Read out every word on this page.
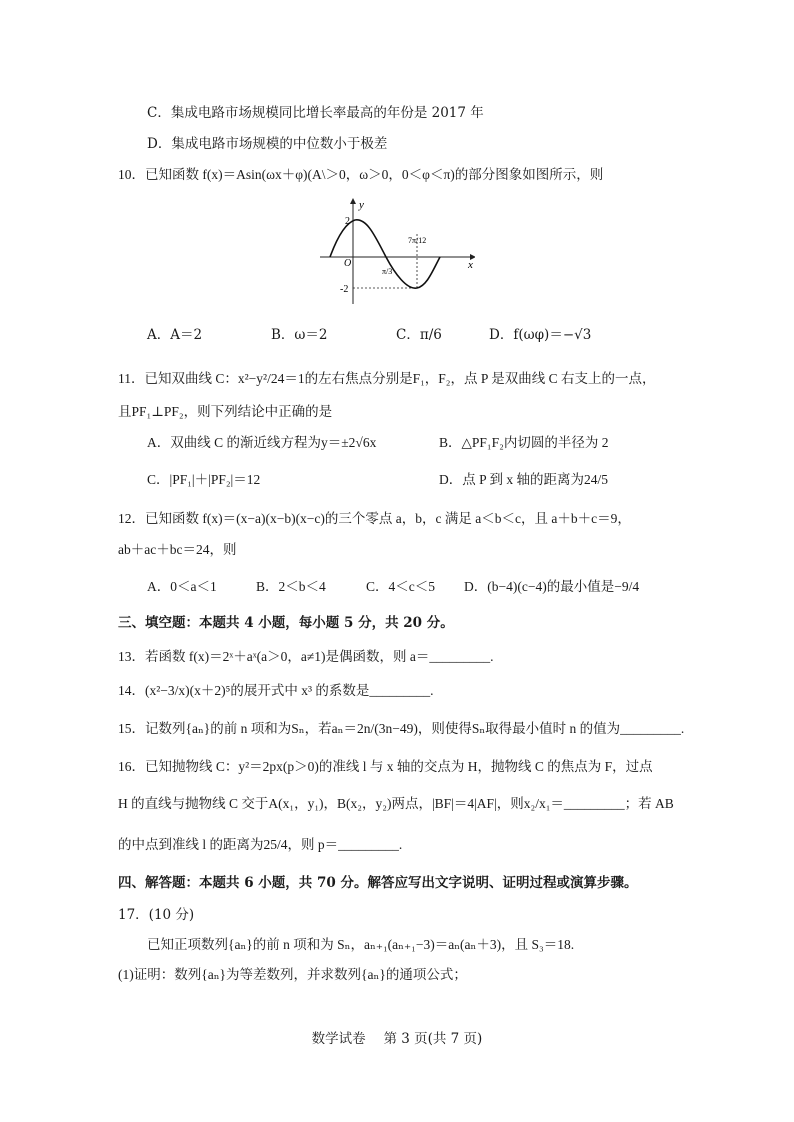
C．集成电路市场规模同比增长率最高的年份是 2017 年
D．集成电路市场规模的中位数小于极差
10．已知函数 f(x)＝Asin(ωx＋φ)(A\＞0，ω＞0，0＜φ＜π)的部分图象如图所示，则
y
x
O
2
-2
π/3
7π/12
A．A＝2	B．ω＝2	C．π/6	D．f(ωφ)＝−√3
11．已知双曲线 C：x²−y²/24＝1的左右焦点分别是F₁，F₂，点 P 是双曲线 C 右支上的一点，
且PF₁⊥PF₂，则下列结论中正确的是
A．双曲线 C 的渐近线方程为y＝±2√6x	B．△PF₁F₂内切圆的半径为 2
C．|PF₁|＋|PF₂|＝12	D．点 P 到 x 轴的距离为24/5
12．已知函数 f(x)＝(x−a)(x−b)(x−c)的三个零点 a，b，c 满足 a＜b＜c，且 a＋b＋c＝9，
ab＋ac＋bc＝24，则
A．0＜a＜1	B．2＜b＜4	C．4＜c＜5 D．(b−4)(c−4)的最小值是−9/4
三、填空题：本题共 4 小题，每小题 5 分，共 20 分。
13．若函数 f(x)＝2ˣ＋aˣ(a＞0，a≠1)是偶函数，则 a＝_________.
14．(x²−3/x)(x＋2)⁵的展开式中 x³ 的系数是_________.
15．记数列{aₙ}的前 n 项和为Sₙ，若aₙ＝2n/(3n−49)，则使得Sₙ取得最小值时 n 的值为_________.
16．已知抛物线 C：y²＝2px(p＞0)的准线 l 与 x 轴的交点为 H，抛物线 C 的焦点为 F，过点
H 的直线与抛物线 C 交于A(x₁，y₁)，B(x₂，y₂)两点，|BF|＝4|AF|，则x₂/x₁＝_________；若 AB
的中点到准线 l 的距离为25/4，则 p＝_________.
四、解答题：本题共 6 小题，共 70 分。解答应写出文字说明、证明过程或演算步骤。
17．(10 分)
已知正项数列{aₙ}的前 n 项和为 Sₙ，aₙ₊₁(aₙ₊₁−3)＝aₙ(aₙ＋3)，且 S₃＝18.
(1)证明：数列{aₙ}为等差数列，并求数列{aₙ}的通项公式；
数学试卷　 第 3 页(共 7 页)
